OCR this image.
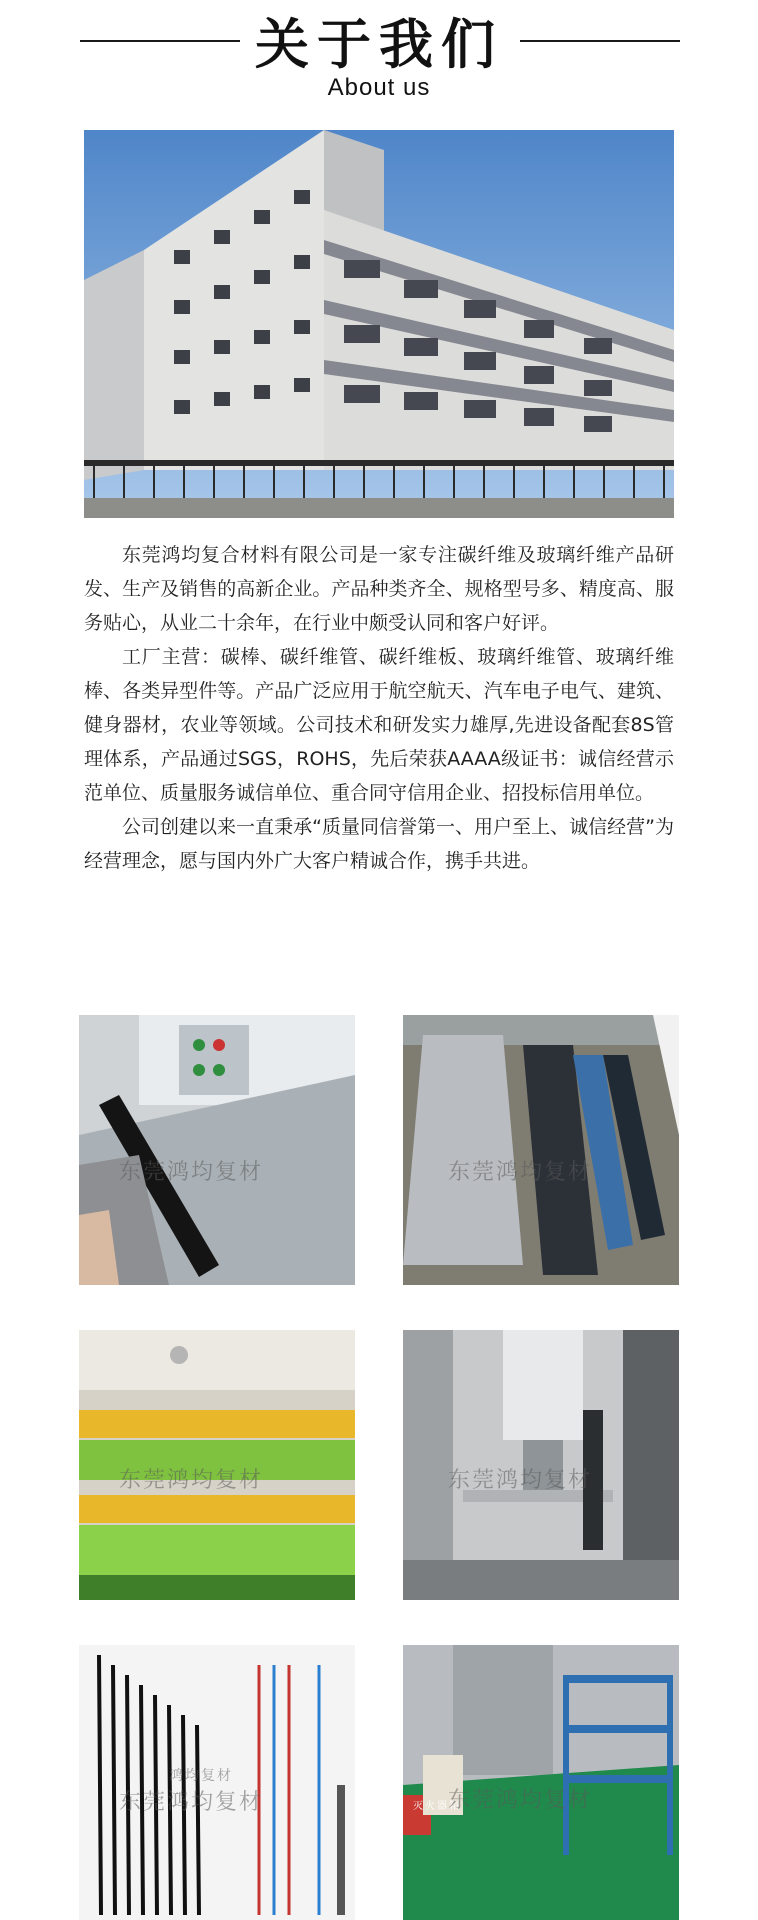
关于我们
About us

东莞鸿均复合材料有限公司是一家专注碳纤维及玻璃纤维产品研发、生产及销售的高新企业。产品种类齐全、规格型号多、精度高、服务贴心，从业二十余年，在行业中颇受认同和客户好评。

工厂主营：碳棒、碳纤维管、碳纤维板、玻璃纤维管、玻璃纤维棒、各类异型件等。产品广泛应用于航空航天、汽车电子电气、建筑、健身器材，农业等领域。公司技术和研发实力雄厚,先进设备配套8S管理体系，产品通过SGS，ROHS，先后荣获AAAA级证书：诚信经营示范单位、质量服务诚信单位、重合同守信用企业、招投标信用单位。

公司创建以来一直秉承“质量同信誉第一、用户至上、诚信经营”为经营理念，愿与国内外广大客户精诚合作，携手共进。

东莞鸿均复材	东莞鸿均复材
东莞鸿均复材	东莞鸿均复材
鸿均复材
东莞鸿均复材	灭火器箱
东莞鸿均复材
